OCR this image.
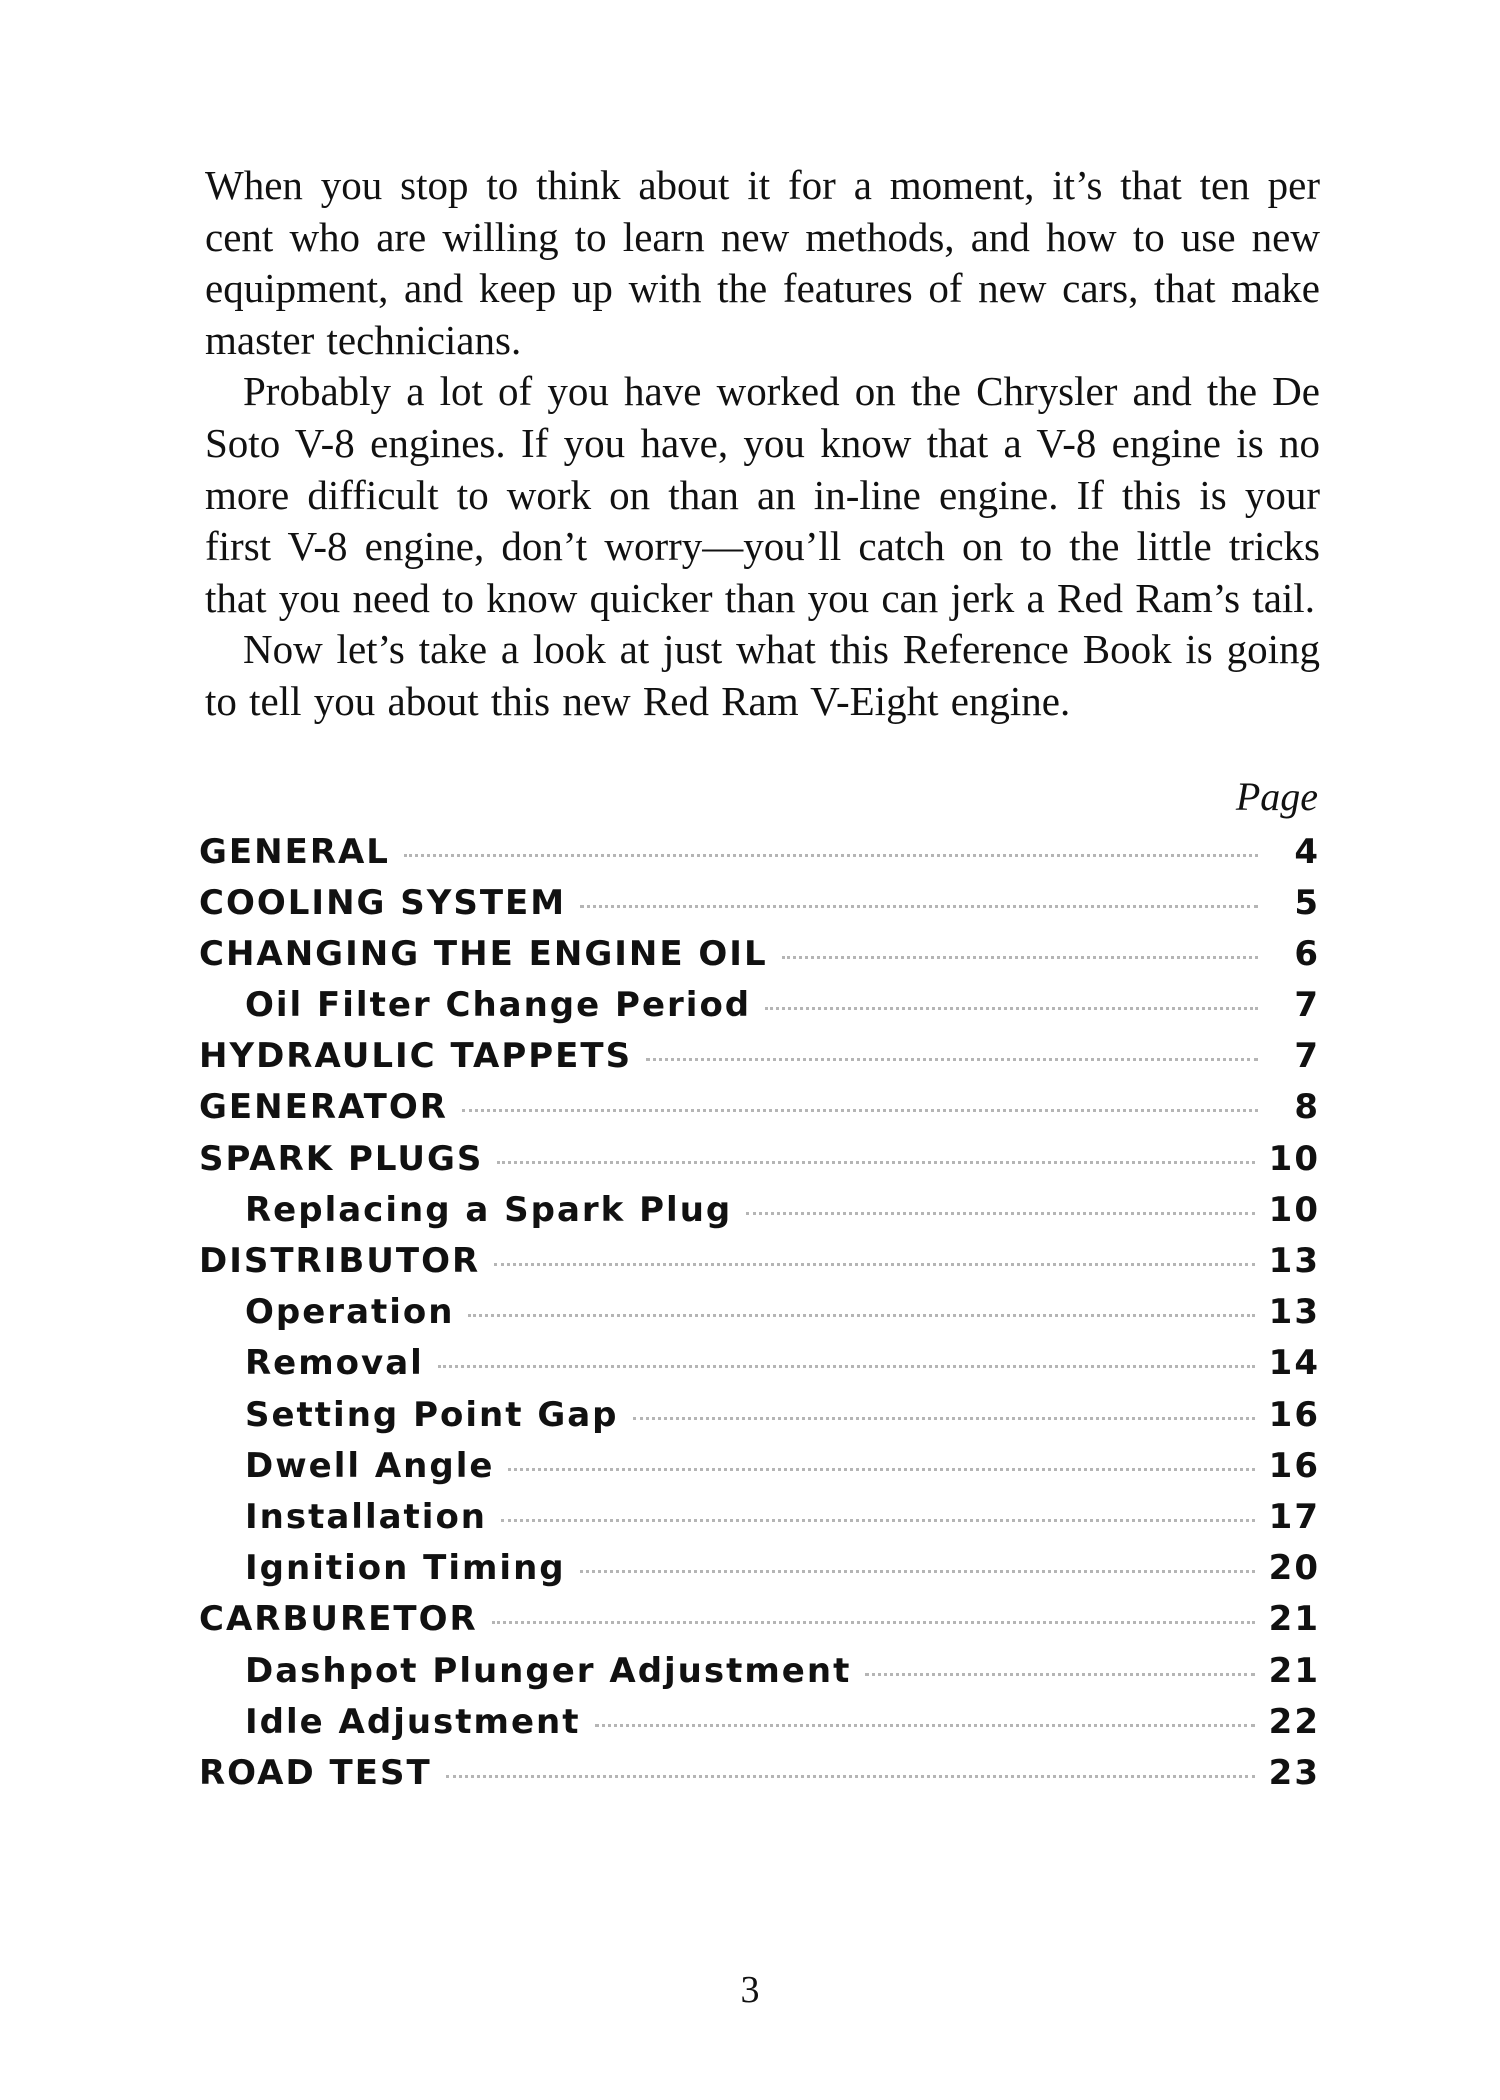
When you stop to think about it for a moment, it’s that ten per cent who are willing to learn new methods, and how to use new equipment, and keep up with the features of new cars, that make master technicians.

Probably a lot of you have worked on the Chrysler and the De Soto V-8 engines. If you have, you know that a V-8 engine is no more difficult to work on than an in-line engine. If this is your first V-8 engine, don’t worry—you’ll catch on to the little tricks that you need to know quicker than you can jerk a Red Ram’s tail.

Now let’s take a look at just what this Reference Book is going to tell you about this new Red Ram V-Eight engine.

Page
GENERAL	4
COOLING SYSTEM	5
CHANGING THE ENGINE OIL	6
Oil Filter Change Period	7
HYDRAULIC TAPPETS	7
GENERATOR	8
SPARK PLUGS	10
Replacing a Spark Plug	10
DISTRIBUTOR	13
Operation	13
Removal	14
Setting Point Gap	16
Dwell Angle	16
Installation	17
Ignition Timing	20
CARBURETOR	21
Dashpot Plunger Adjustment	21
Idle Adjustment	22
ROAD TEST	23
3
